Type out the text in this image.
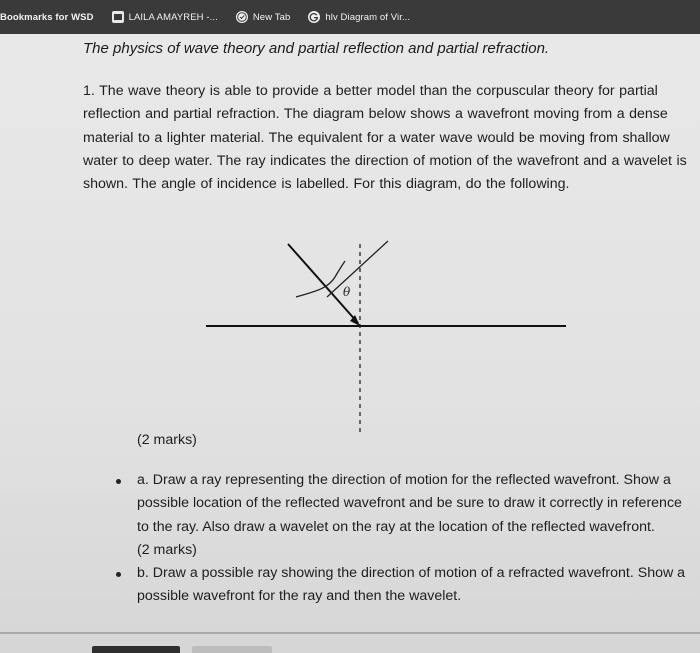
Bookmarks for WSD	LAILA AMAYREH -...	New Tab	hlv Diagram of Vir...
The physics of wave theory and partial reflection and partial refraction.
1. The wave theory is able to provide a better model than the corpuscular theory for partial reflection and partial refraction. The diagram below shows a wavefront moving from a dense material to a lighter material. The equivalent for a water wave would be moving from shallow water to deep water. The ray indicates the direction of motion of the wavefront and a wavelet is shown. The angle of incidence is labelled. For this diagram, do the following.
θ
(2 marks)
a. Draw a ray representing the direction of motion for the reflected wavefront. Show a possible location of the reflected wavefront and be sure to draw it correctly in reference to the ray. Also draw a wavelet on the ray at the location of the reflected wavefront.
(2 marks)
b. Draw a possible ray showing the direction of motion of a refracted wavefront. Show a possible wavefront for the ray and then the wavelet.
